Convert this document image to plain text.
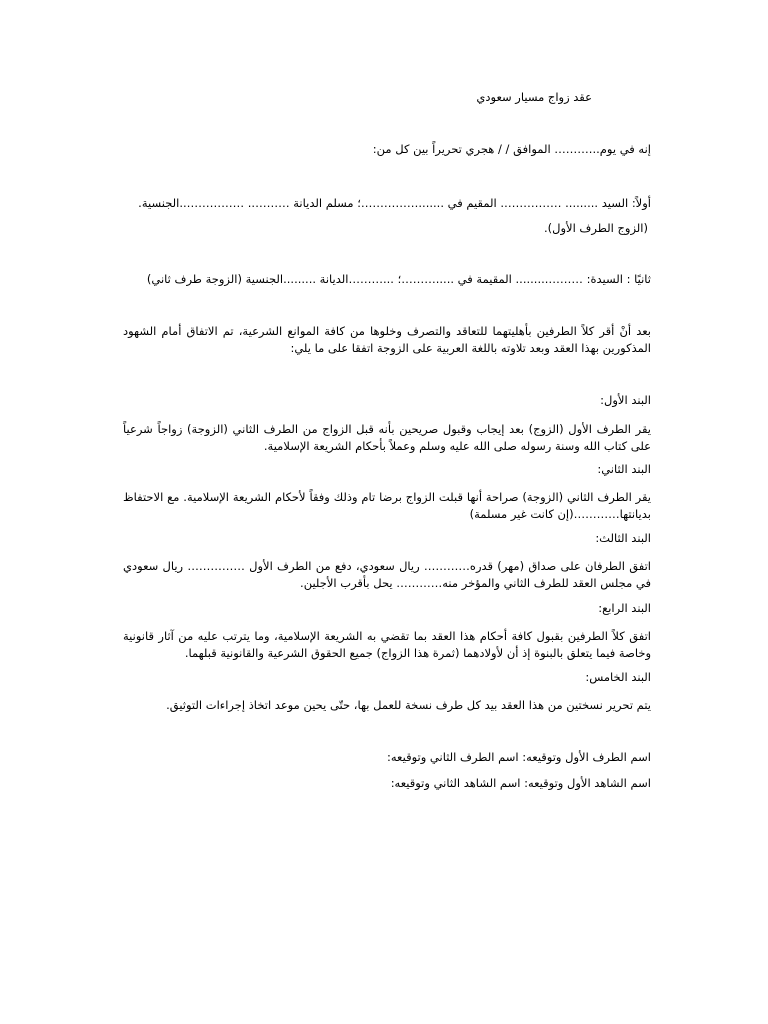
عقد زواج مسيار سعودي
إنه في يوم...……… الموافق / / هجري تحريراً بين كل من:
أولاً: السيد ......... ……………. المقيم في .......……………؛ مسلم الديانة ……….. ……………..الجنسية.
(الزوج الطرف الأول).
ثانيًا : السيدة: ………......... المقيمة في .....………؛ ...………الديانة .........الجنسية (الزوجة طرف ثاني)
بعد أنْ أقر كلاً الطرفين بأهليتهما للتعاقد والتصرف وخلوها من كافة الموانع الشرعية، تم الاتفاق أمام الشهود المذكورين بهذا العقد وبعد تلاوته باللغة العربية على الزوجة اتفقا على ما يلي:
البند الأول:
يقر الطرف الأول (الزوج) بعد إيجاب وقبول صريحين بأنه قبل الزواج من الطرف الثاني (الزوجة) زواجاً شرعياً على كتاب الله وسنة رسوله صلى الله عليه وسلم وعملاً بأحكام الشريعة الإسلامية.
البند الثاني:
يقر الطرف الثاني (الزوجة) صراحة أنها قبلت الزواج برضا تام وذلك وفقاً لأحكام الشريعة الإسلامية. مع الاحتفاظ بديانتها…………(إن كانت غير مسلمة)
البند الثالث:
اتفق الطرفان على صداق (مهر) قدره………… ريال سعودي، دفع من الطرف الأول …………… ريال سعودي في مجلس العقد للطرف الثاني والمؤخر منه………… يحل بأقرب الأجلين.
البند الرابع:
اتفق كلاً الطرفين بقبول كافة أحكام هذا العقد بما تقضي به الشريعة الإسلامية، وما يترتب عليه من آثار قانونية وخاصة فيما يتعلق بالبنوة إذ أن لأولادهما (ثمرة هذا الزواج) جميع الحقوق الشرعية والقانونية قبلهما.
البند الخامس:
يتم تحرير نسختين من هذا العقد بيد كل طرف نسخة للعمل بها، حتّى يحين موعد اتخاذ إجراءات التوثيق.
اسم الطرف الأول وتوقيعه: اسم الطرف الثاني وتوقيعه:
اسم الشاهد الأول وتوقيعه: اسم الشاهد الثاني وتوقيعه:
